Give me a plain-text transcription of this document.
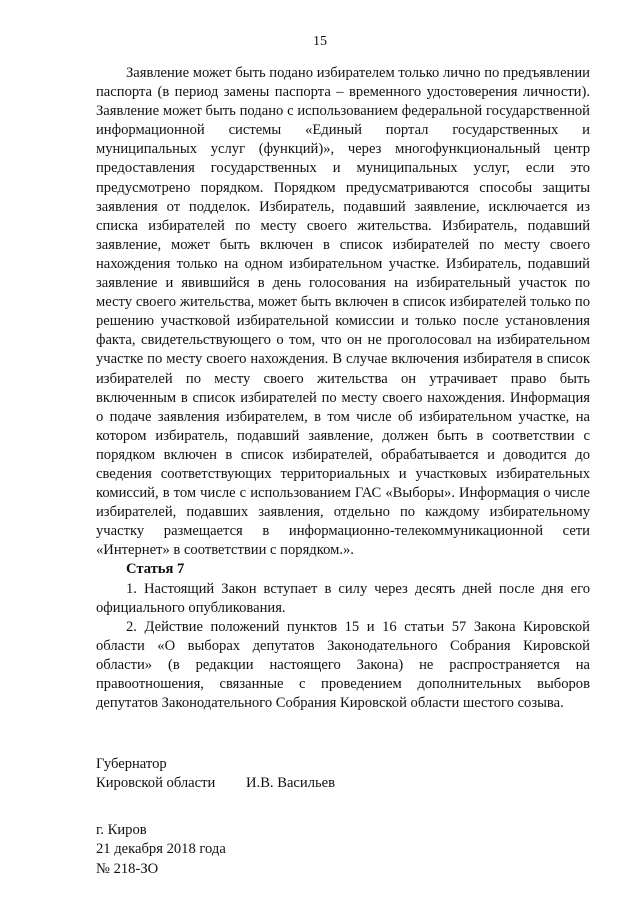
15

Заявление может быть подано избирателем только лично по предъявлении паспорта (в период замены паспорта – временного удостоверения личности). Заявление может быть подано с использованием федеральной государственной информационной системы «Единый портал государственных и муниципальных услуг (функций)», через многофункциональный центр предоставления государственных и муниципальных услуг, если это предусмотрено порядком. Порядком предусматриваются способы защиты заявления от подделок. Избиратель, подавший заявление, исключается из списка избирателей по месту своего жительства. Избиратель, подавший заявление, может быть включен в список избирателей по месту своего нахождения только на одном избирательном участке. Избиратель, подавший заявление и явившийся в день голосования на избирательный участок по месту своего жительства, может быть включен в список избирателей только по решению участковой избирательной комиссии и только после установления факта, свидетельствующего о том, что он не проголосовал на избирательном участке по месту своего нахождения. В случае включения избирателя в список избирателей по месту своего жительства он утрачивает право быть включенным в список избирателей по месту своего нахождения. Информация о подаче заявления избирателем, в том числе об избирательном участке, на котором избиратель, подавший заявление, должен быть в соответствии с порядком включен в список избирателей, обрабатывается и доводится до сведения соответствующих территориальных и участковых избирательных комиссий, в том числе с использованием ГАС «Выборы». Информация о числе избирателей, подавших заявления, отдельно по каждому избирательному участку размещается в информационно-телекоммуникационной сети «Интернет» в соответствии с порядком.».

Статья 7

1. Настоящий Закон вступает в силу через десять дней после дня его официального опубликования.

2. Действие положений пунктов 15 и 16 статьи 57 Закона Кировской области «О выборах депутатов Законодательного Собрания Кировской области» (в редакции настоящего Закона) не распространяется на правоотношения, связанные с проведением дополнительных выборов депутатов Законодательного Собрания Кировской области шестого созыва.

Губернатор
Кировской области	И.В. Васильев
г. Киров
21 декабря 2018 года
№ 218-ЗО
